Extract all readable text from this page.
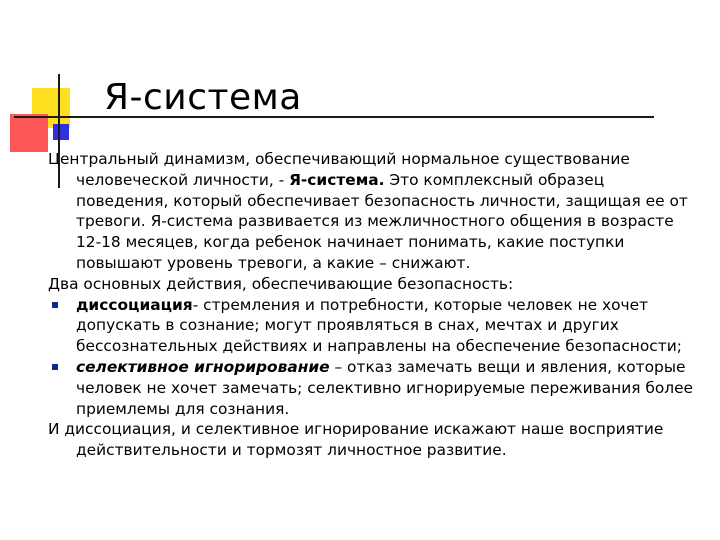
Я-система
Центральный динамизм, обеспечивающий нормальное существование человеческой личности, - Я-система. Это комплексный образец поведения, который обеспечивает безопасность личности, защищая ее от тревоги. Я-система развивается из межличностного общения в возрасте 12-18 месяцев, когда ребенок начинает понимать, какие поступки повышают уровень тревоги, а какие – снижают.
Два основных действия, обеспечивающие безопасность:
диссоциация- стремления и потребности, которые человек не хочет допускать в сознание; могут проявляться в снах, мечтах и других бессознательных действиях и направлены на обеспечение безопасности;
селективное игнорирование – отказ замечать вещи и явления, которые человек не хочет замечать; селективно игнорируемые переживания более приемлемы для сознания.
И диссоциация, и селективное игнорирование искажают наше восприятие действительности и тормозят личностное развитие.
